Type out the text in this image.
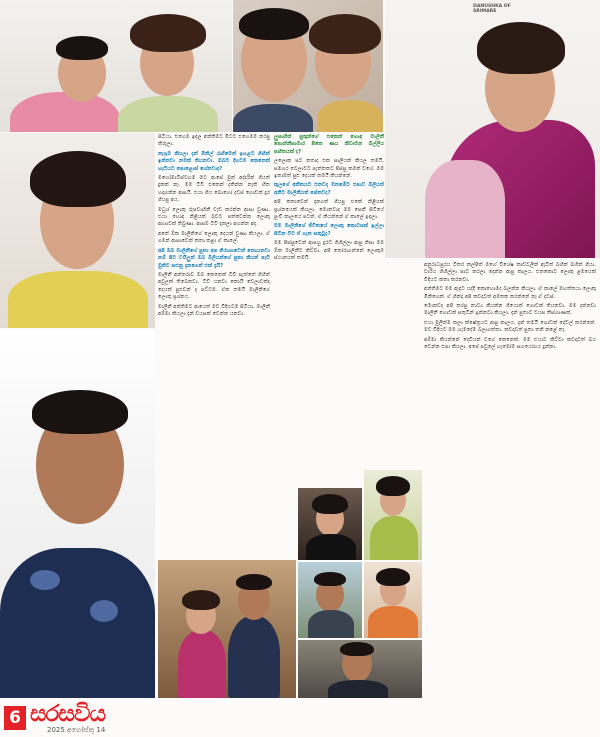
DANUSHKA OF
SRIMARE

සිටියා. එහෙම ඉඳල අන්තිමට මිට්ට එහෙමම කරපු කිරුලා.

නැගුම කියලා දැන් මිනිල් රැඟීමෙන් ඉහළට ගිහින් ඉන්නවා නමක් තියනවා. ඔබට දිගටම කෙනෙක් හැටියට පොළොස් ගේනවාද?

මහෝමාටිස්ටහම මට ආසේ මුන් අද්දරින් ගියත් දුකක් නෑ. මම ටීවී එකෙන් දකින්න නැති හිත හදාගන්න ආසයි. එයා ගිය බොහෝ දවස් ගොඩක් දුර ගියපු අය.

මධුශ් ලොකු රුපවාහිනී වැඩ කරන්න ආසා වුණා. එයා හොඳ නිළියක් බවට පත්වෙන්න ලොකු ආශාවක් තිබුණා. ආසම ටීවී දැකලා අහන්න අද.

අනේ ඕක මාලිනිගේ ලොකු දෙයක් වුණා කියලා. ඒ ගමන් ආසාවෙන් කතා කළා ඒ කාලේ.

අපි ඔබ මාලිනීගේ පුතා අප නිරාශාවෙන් නොයනවා නම් පිට වයිලුත් ඔබ බිලියන්ගේ පුතා කියන් පැටී මුනිට සළුනු දැනගෙන් එක් දැයි?

මාලිනී අන්තරාව ඔබ කෙනෙක් ටීවී පැත්තේ ගිහින් අවුලක් තිබෙනවා. ටීවී යනවා කොයි වෙලාවක්ද දෙයක් පුළුවන් ද පට්ටම. ඒක තමයි මාලිනිගේ ලොකු ප්‍රශ්නය.

මාලිනී අන්තිමට ආයෙත් මව විදියටම සිටියා. මාලිනී අම්මා කියලා දැන් වයසක් වෙන්න යනවා.

ලුසාගිත් පුතුන්ගේ එකෙන් හොඳ මාලිනී පොන්නිසාමාර පිතෙ ණය කිවාමන බිල්ලිය සහිතයක් ද?

ලලොක පට කතාද එක සාලියක් කියල තමයි. සමහර වෙලාවට පැත්තකට පිස්සු කමක් වගේ. මම ඉතාමත් සුළු දෙයක් තමයි කියන්නේ.

කුලගේ අතීතයට එනවද මනමේට එපාව බිලියන් අනිට මාලිනීයත් පේනවද?

අපි කතාවෙන් දැනගත් ගියපු එකේ නිළියක් ප්‍රශ්නයෙක් කියලා. මොනවාද මම පෙනී සිටියේ පුංචි කාලයේ පටන්. ඒ කියන්නේ ඒ කාලේ ඉඳලා.

මම මාලිනිගේ ජීවිතයේ ලොකු කොටසක් ඉල්ලා සිටින විට ඒ ගැන සතුටුද?

මම පිස්සුවෙන් ආපහු දුරට ගිහිල්ලා ආපු නිසා මම ඕක මාලිනීට කිව්වා. අපි තෝරාගන්නේ ලොකුම ස්ථානයක් තමයි.

අනුරාධපුරය විතර කල්පිත් මහේ විශේෂ කාඩ්වලින් ඇවිත් බහින් බහින් ගියා. වාරිය ගිහිල්ලා පාට කරලා දෙන්න ආපු කාලය. එතකොට ලොකු ළමයෙක් විදියට කතා කරනවා.

අන්තිමට මම ඇඳට යද්දී කොහොමද බලන්න කියලා. ඒ කාලේ මහත්තයා ලොකු මිනිහෙක්. ඒ හින්දා අපි කවදාවත් අමතක කරන්නේ නෑ ඒ දවස්.

මොනවද අපි කරපු නාට්‍ය කියන්න ගියොත් ගොඩක් තියනවා. මම දන්නවා මාලිනී ගොඩක් සතුටින් ඉන්නවා කියලා. දැන් පුතාට වයස තිස්ගාණක්.

එයා මුලින්ම කලා ක්ෂේත්‍රයට ආපු කාලය. දැන් තමයි ගොඩක් දේවල් කරන්නේ. මව විදියට මම හැමදේම බලාගත්තා. කවදාවත් පුතා තනි කළේ නෑ.

අම්මා කියන්නේ දෙවියන් වගේ කෙනෙක්. මම එයාට කිව්වා කවදාවත් බය වෙන්න එපා කියලා. අපේ පවුලේ හැමෝම සහයෝගය දුන්නා.

6 සරසවිය
2025 අගෝස්තු 14
